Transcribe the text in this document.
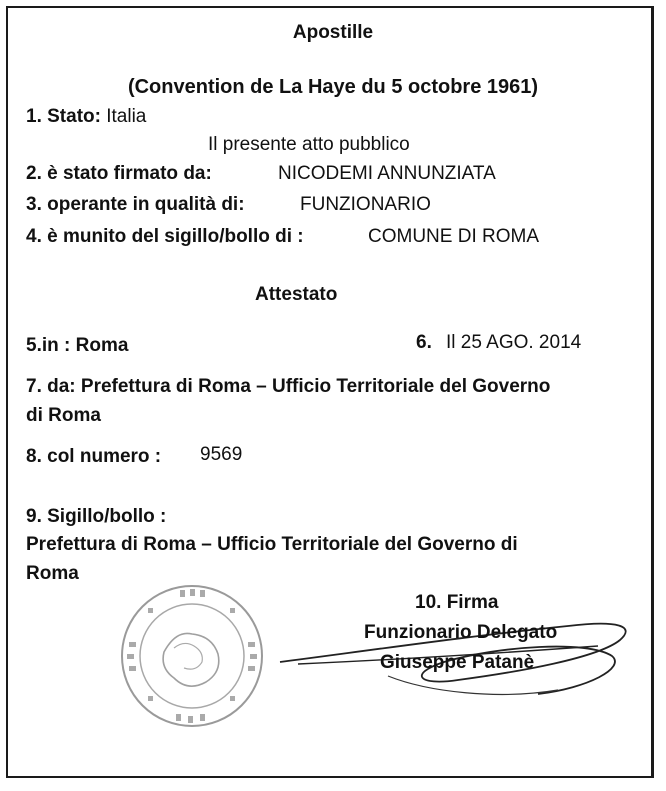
Apostille
(Convention de La Haye du 5 octobre 1961)
1. Stato: Italia
Il presente atto pubblico
2. è stato firmato da:	NICODEMI ANNUNZIATA
3. operante in qualità di:	FUNZIONARIO
4. è munito del sigillo/bollo di :	COMUNE DI ROMA
Attestato
5.in : Roma	6. Il 25 AGO. 2014
7. da: Prefettura di Roma – Ufficio Territoriale del Governo
di Roma
8. col numero : 9569
9. Sigillo/bollo :
Prefettura di Roma – Ufficio Territoriale del Governo di
Roma
10. Firma
Funzionario Delegato
Giuseppe Patanè
